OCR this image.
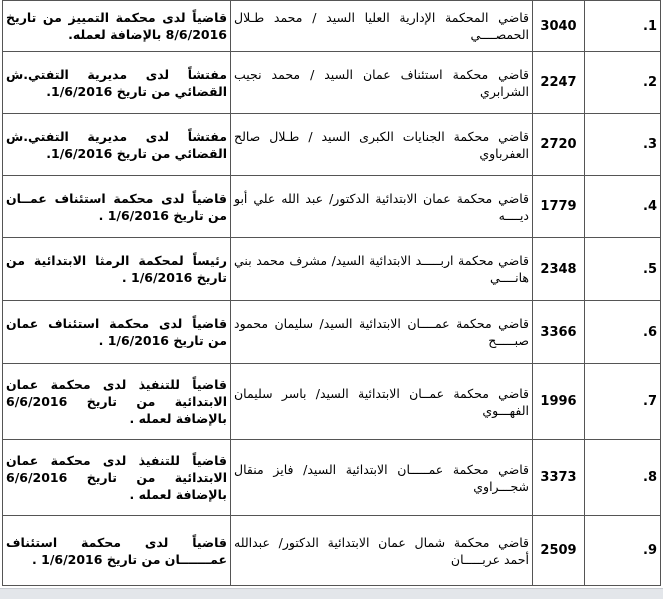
.1	3040	قاضي المحكمة الإدارية العليا السيد / محمد طـلال الحمصــــي	قاضياً لدى محكمة التمييز من تاريخ 8/6/2016 بالإضافة لعمله.
.2	2247	قاضي محكمة استئناف عمان السيد / محمد نجيب الشرابري	مفتشاً لدى مديرية التفتي.ش القضائي من تاريخ 1/6/2016.
.3	2720	قاضي محكمة الجنايات الكبرى السيد / طـلال صالح العفرباوي	مفتشاً لدى مديرية التفتي.ش القضائي من تاريخ 1/6/2016.
.4	1779	قاضي محكمة عمان الابتدائية الدكتور/ عبد الله علي أبو ديــــه	قاضياً لدى محكمة استئناف عمــان من تاريخ 1/6/2016 .
.5	2348	قاضي محكمة اربـــــد الابتدائية السيد/ مشرف محمد بني هانــــي	رئيساً لمحكمة الرمثا الابتدائية من تاريخ 1/6/2016 .
.6	3366	قاضي محكمة عمــــان الابتدائية السيد/ سليمان محمود صبـــــح	قاضياً لدى محكمة استئناف عمان من تاريخ 1/6/2016 .
.7	1996	قاضي محكمة عمــان الابتدائية السيد/ باسر سليمان الفهـــوي	قاضياً للتنفيذ لدى محكمة عمان الابتدائية من تاريخ 6/6/2016 بالإضافة لعمله .
.8	3373	قاضي محكمة عمـــــان الابتدائية السيد/ فايز منقال شجـــراوي	قاضياً للتنفيذ لدى محكمة عمان الابتدائية من تاريخ 6/6/2016 بالإضافة لعمله .
.9	2509	قاضي محكمة شمال عمان الابتدائية الدكتور/ عبدالله أحمد عربـــــان	قاضياً لدى محكمة استئناف عمـــــــان من تاريخ 1/6/2016 .
